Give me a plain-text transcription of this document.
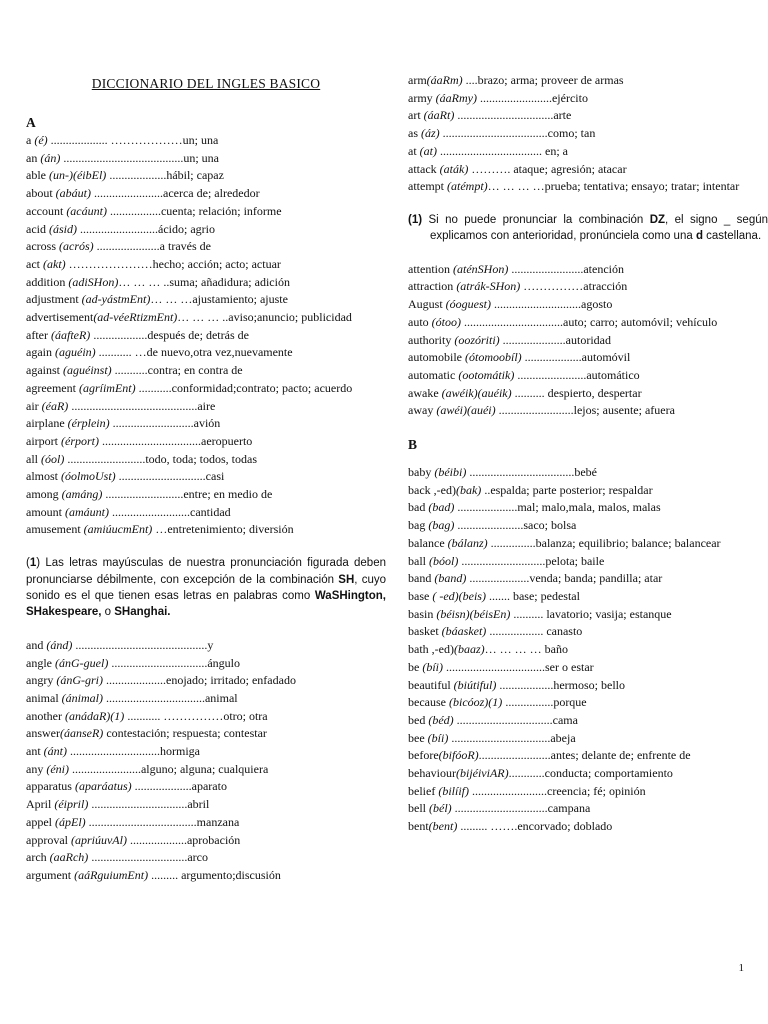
DICCIONARIO DEL INGLES BASICO
A
a (é) ................... ………………un; una
an (án) ........................................un; una
able (un-)(éibEl) ...................hábil; capaz
about (abáut) .......................acerca de; alrededor
account (acáunt) .................cuenta; relación; informe
acid (ásid) ..........................ácido; agrio
across (acrós) .....................a través de
act (akt) …………………hecho; acción; acto; actuar
addition (adiSHon)… … … ..suma; añadidura; adición
adjustment (ad-yástmEnt)… … …ajustamiento; ajuste
advertisement(ad-véeRtizmEnt)… … … ..aviso;anuncio; publicidad
after (áafteR) ..................después de; detrás de
again (aguéin) ........... …de nuevo,otra vez,nuevamente
against (aguéinst) ...........contra; en contra de
agreement (agríimEnt) ...........conformidad;contrato; pacto; acuerdo
air (éaR) ..........................................aire
airplane (érplein) ...........................avión
airport (érport) .................................aeropuerto
all (óol) ..........................todo, toda; todos, todas
almost (óolmoUst) .............................casi
among (amáng) ..........................entre; en medio de
amount (amáunt) ..........................cantidad
amusement (amiúucmEnt) …entretenimiento; diversión
(1) Las letras mayúsculas de nuestra pronunciación figurada deben pronunciarse débilmente, con excepción de la combinación SH, cuyo sonido es el que tienen esas letras en palabras como WaSHington, SHakespeare, o SHanghai.
and (ánd) ............................................y
angle (ánG-guel) ................................ángulo
angry (ánG-gri) ....................enojado; irritado; enfadado
animal (ánimal) .................................animal
another (anádaR)(1) ........... ……………otro; otra
answer(áanseR) contestación; respuesta; contestar
ant (ánt) ..............................hormiga
any (éni) .......................alguno; alguna; cualquiera
apparatus (aparáatus) ...................aparato
April (éipril) ................................abril
appel (ápEl) ....................................manzana
approval (apriúuvAl) ...................aprobación
arch (aaRch) ................................arco
argument (aáRguiumEnt) ......... argumento;discusión
arm(áaRm) ....brazo; arma; proveer de armas
army (áaRmy) ........................ejército
art (áaRt) ................................arte
as (áz) ...................................como; tan
at (at) .................................. en; a
attack (aták) ………. ataque; agresión; atacar
attempt (atémpt)… … … …prueba; tentativa; ensayo; tratar; intentar
(1) Si no puede pronunciar la combinación DZ, el signo _ según explicamos con anterioridad, pronúnciela como una d castellana.
attention (aténSHon) ........................atención
attraction (atrák-SHon) ……………atracción
August (óoguest) .............................agosto
auto (ótoo) .................................auto; carro; automóvil; vehículo
authority (oozóriti) .....................autoridad
automobile (ótomoobíl) ...................automóvil
automatic (ootomátik) .......................automático
awake (awéik)(auéik) .......... despierto, despertar
away (awéi)(auéi) .........................lejos; ausente; afuera
B
baby (béibi) ...................................bebé
back ,-ed)(bak) ..espalda; parte posterior; respaldar
bad (bad) ....................mal; malo,mala, malos, malas
bag (bag) ......................saco; bolsa
balance (bálanz) ...............balanza; equilibrio; balance; balancear
ball (bóol) ............................pelota; baile
band (band) ....................venda; banda; pandilla; atar
base ( -ed)(beis) ....... base; pedestal
basin (béisn)(béisEn) .......... lavatorio; vasija; estanque
basket (báasket) .................. canasto
bath ,-ed)(baaz)… … … … baño
be (bíi) .................................ser o estar
beautiful (biútiful) ..................hermoso; bello
because (bicóoz)(1) ................porque
bed (béd) ................................cama
bee (bíi) .................................abeja
before(bifóoR)........................antes; delante de; enfrente de
behaviour(bijéiviAR)............conducta; comportamiento
belief (bilíif) .........................creencia; fé; opinión
bell (bél) ...............................campana
bent(bent) ......... …….encorvado; doblado
1
